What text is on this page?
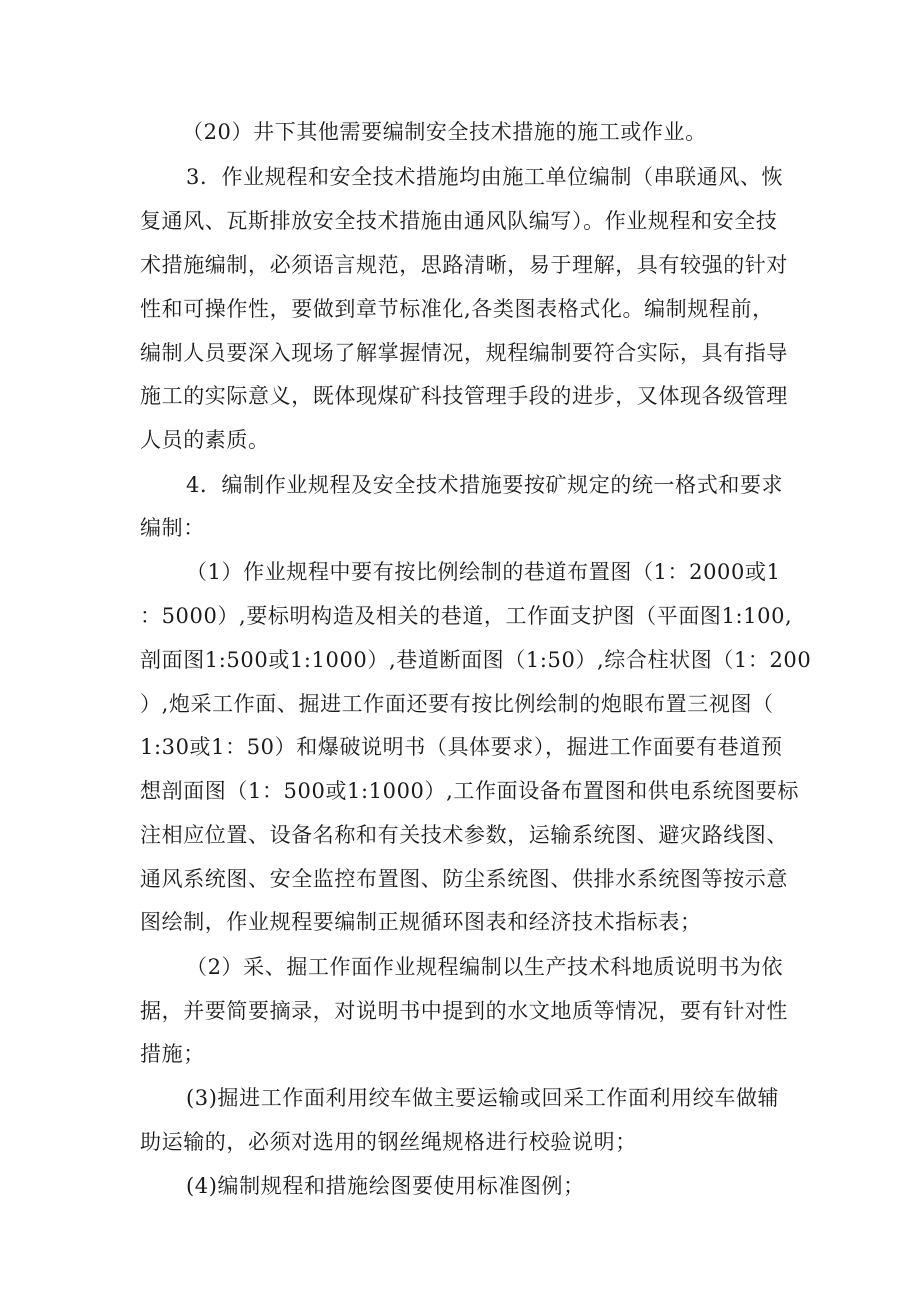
（20）井下其他需要编制安全技术措施的施工或作业。
3．作业规程和安全技术措施均由施工单位编制（串联通风、恢
复通风、瓦斯排放安全技术措施由通风队编写）。作业规程和安全技
术措施编制，必须语言规范，思路清晰，易于理解，具有较强的针对
性和可操作性，要做到章节标准化,各类图表格式化。编制规程前，
编制人员要深入现场了解掌握情况，规程编制要符合实际，具有指导
施工的实际意义，既体现煤矿科技管理手段的进步，又体现各级管理
人员的素质。
4．编制作业规程及安全技术措施要按矿规定的统一格式和要求
编制：
（1）作业规程中要有按比例绘制的巷道布置图（1：2000或1
：5000）,要标明构造及相关的巷道，工作面支护图（平面图1:100,
剖面图1:500或1:1000）,巷道断面图（1:50）,综合柱状图（1：200
）,炮采工作面、掘进工作面还要有按比例绘制的炮眼布置三视图（
1:30或1：50）和爆破说明书（具体要求），掘进工作面要有巷道预
想剖面图（1：500或1:1000）,工作面设备布置图和供电系统图要标
注相应位置、设备名称和有关技术参数，运输系统图、避灾路线图、
通风系统图、安全监控布置图、防尘系统图、供排水系统图等按示意
图绘制，作业规程要编制正规循环图表和经济技术指标表；
（2）采、掘工作面作业规程编制以生产技术科地质说明书为依
据，并要简要摘录，对说明书中提到的水文地质等情况，要有针对性
措施；
(3)掘进工作面利用绞车做主要运输或回采工作面利用绞车做辅
助运输的，必须对选用的钢丝绳规格进行校验说明；
(4)编制规程和措施绘图要使用标准图例；
